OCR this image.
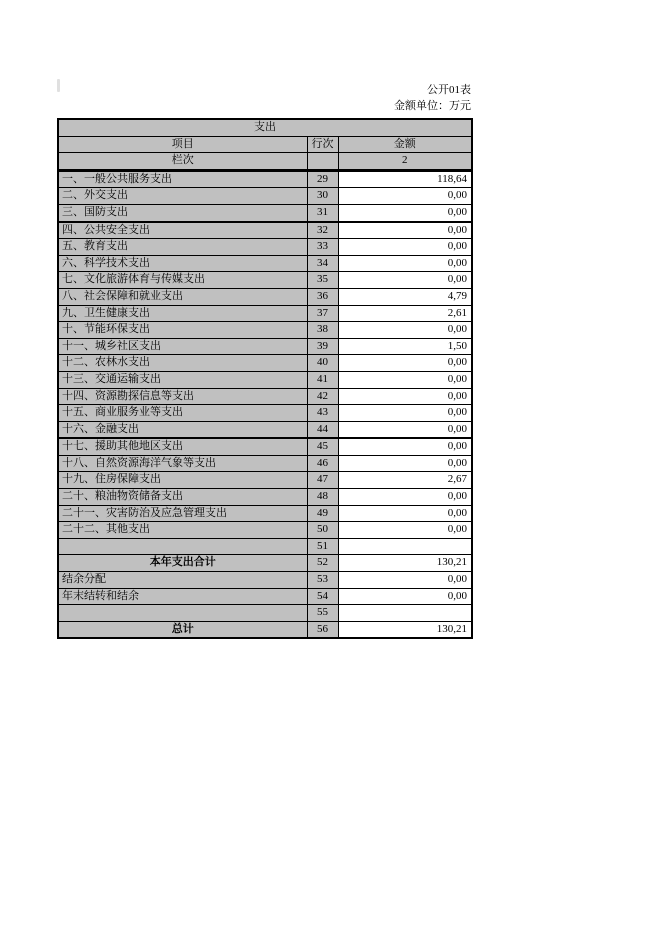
公开01表
金额单位：万元
支出		
项目	行次	金额
栏次		2
一、一般公共服务支出	29	118,64
二、外交支出	30	0,00
三、国防支出	31	0,00
四、公共安全支出	32	0,00
五、教育支出	33	0,00
六、科学技术支出	34	0,00
七、文化旅游体育与传媒支出	35	0,00
八、社会保障和就业支出	36	4,79
九、卫生健康支出	37	2,61
十、节能环保支出	38	0,00
十一、城乡社区支出	39	1,50
十二、农林水支出	40	0,00
十三、交通运输支出	41	0,00
十四、资源勘探信息等支出	42	0,00
十五、商业服务业等支出	43	0,00
十六、金融支出	44	0,00
十七、援助其他地区支出	45	0,00
十八、自然资源海洋气象等支出	46	0,00
十九、住房保障支出	47	2,67
二十、粮油物资储备支出	48	0,00
二十一、灾害防治及应急管理支出	49	0,00
二十二、其他支出	50	0,00
	51	
本年支出合计	52	130,21
结余分配	53	0,00
年末结转和结余	54	0,00
	55	
总计	56	130,21
